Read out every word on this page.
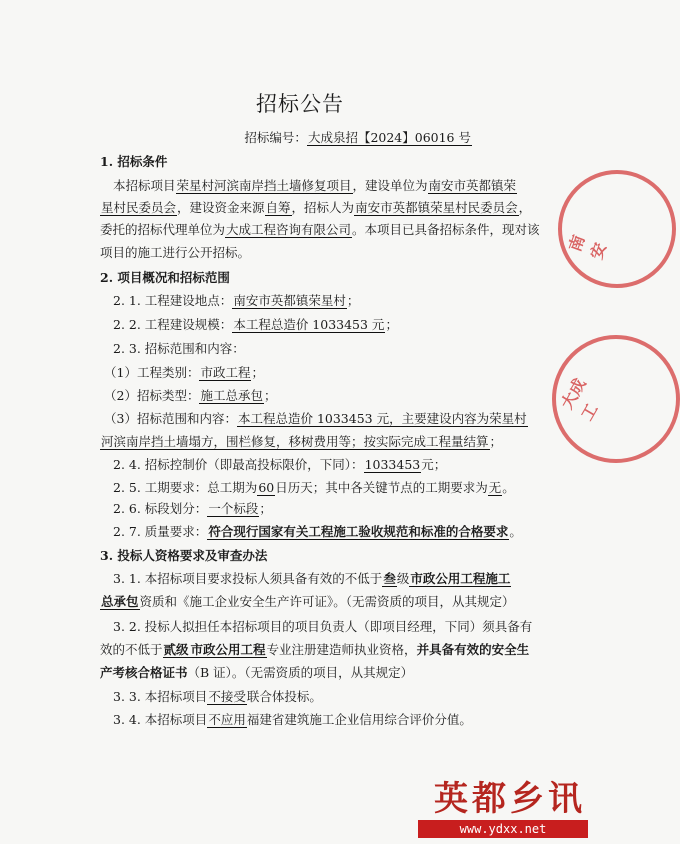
招标公告
招标编号：大成泉招【2024】06016 号
1. 招标条件
本招标项目荣星村河滨南岸挡土墙修复项目，建设单位为南安市英都镇荣
星村民委员会，建设资金来源自筹，招标人为南安市英都镇荣星村民委员会，
委托的招标代理单位为大成工程咨询有限公司。本项目已具备招标条件，现对该
项目的施工进行公开招标。
2. 项目概况和招标范围
2. 1. 工程建设地点：南安市英都镇荣星村；
2. 2. 工程建设规模：本工程总造价 1033453 元；
2. 3. 招标范围和内容：
（1）工程类别：市政工程；
（2）招标类型：施工总承包；
（3）招标范围和内容：本工程总造价 1033453 元，主要建设内容为荣星村
河滨南岸挡土墙塌方，围栏修复，移树费用等；按实际完成工程量结算；
2. 4. 招标控制价（即最高投标限价，下同）：1033453元；
2. 5. 工期要求：总工期为60日历天；其中各关键节点的工期要求为无。
2. 6. 标段划分：一个标段；
2. 7. 质量要求：符合现行国家有关工程施工验收规范和标准的合格要求。
3. 投标人资格要求及审查办法
3. 1. 本招标项目要求投标人须具备有效的不低于叁级市政公用工程施工
总承包资质和《施工企业安全生产许可证》。（无需资质的项目，从其规定）
3. 2. 投标人拟担任本招标项目的项目负责人（即项目经理，下同）须具备有
效的不低于贰级 市政公用工程专业注册建造师执业资格，并具备有效的安全生
产考核合格证书（B 证）。（无需资质的项目，从其规定）
3. 3. 本招标项目不接受联合体投标。
3. 4. 本招标项目不应用福建省建筑施工企业信用综合评价分值。
南安
大成工
英都乡讯
www.ydxx.net
